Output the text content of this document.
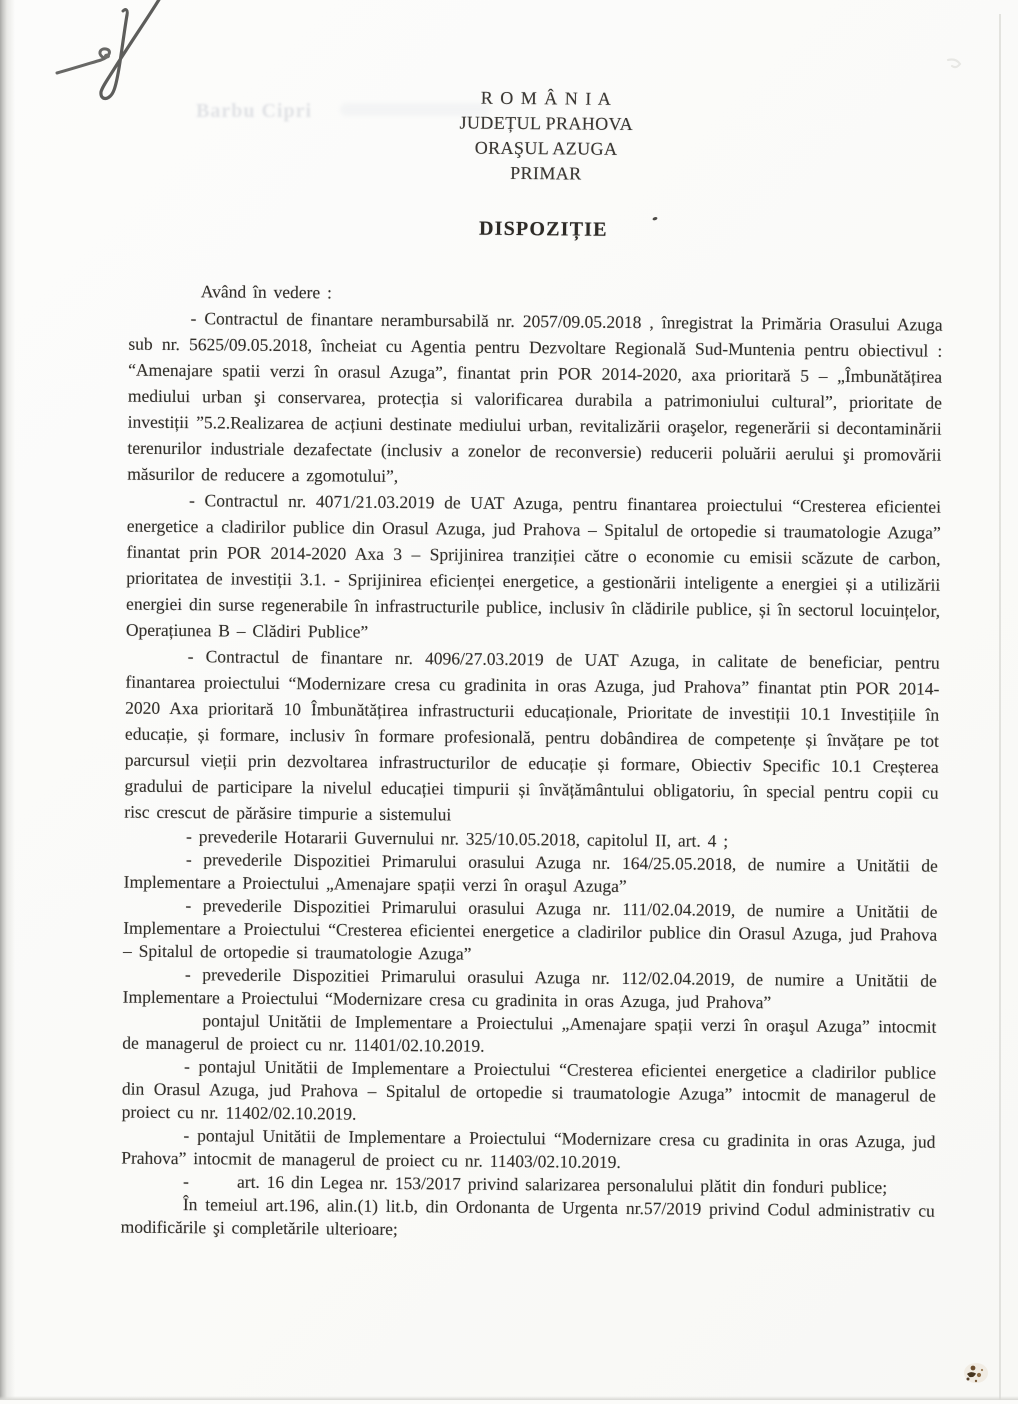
Barbu Cipri
R O M Â N I A
JUDEȚUL PRAHOVA
ORAŞUL AZUGA
PRIMAR
DISPOZIȚIE

Având în vedere :

- Contractul de finantare nerambursabilă nr. 2057/09.05.2018 , înregistrat la Primăria Orasului Azuga sub nr. 5625/09.05.2018, încheiat cu Agentia pentru Dezvoltare Regională Sud-Muntenia pentru obiectivul : “Amenajare spatii verzi în orasul Azuga”, finantat prin POR 2014-2020, axa prioritară 5 – „Îmbunătățirea mediului urban şi conservarea, protecția si valorificarea durabila a patrimoniului cultural”, prioritate de investiții ”5.2.Realizarea de acțiuni destinate mediului urban, revitalizării oraşelor, regenerării si decontaminării terenurilor industriale dezafectate (inclusiv a zonelor de reconversie) reducerii poluării aerului şi promovării măsurilor de reducere a zgomotului”,

- Contractul nr. 4071/21.03.2019 de UAT Azuga, pentru finantarea proiectului “Cresterea eficientei energetice a cladirilor publice din Orasul Azuga, jud Prahova – Spitalul de ortopedie si traumatologie Azuga” finantat prin POR 2014-2020 Axa 3 – Sprijinirea tranziției către o economie cu emisii scăzute de carbon, prioritatea de investiții 3.1. - Sprijinirea eficienței energetice, a gestionării inteligente a energiei și a utilizării energiei din surse regenerabile în infrastructurile publice, inclusiv în clădirile publice, și în sectorul locuințelor, Operațiunea B – Clădiri Publice”

- Contractul de finantare nr. 4096/27.03.2019 de UAT Azuga, in calitate de beneficiar, pentru finantarea proiectului “Modernizare cresa cu gradinita in oras Azuga, jud Prahova” finantat ptin POR 2014-2020 Axa prioritară 10 Îmbunătățirea infrastructurii educaționale, Prioritate de investiții 10.1 Investițiile în educație, și formare, inclusiv în formare profesională, pentru dobândirea de competențe și învățare pe tot parcursul vieții prin dezvoltarea infrastructurilor de educație și formare, Obiectiv Specific 10.1 Creșterea gradului de participare la nivelul educației timpurii și învățământului obligatoriu, în special pentru copii cu risc crescut de părăsire timpurie a sistemului

- prevederile Hotararii Guvernului nr. 325/10.05.2018, capitolul II, art. 4 ;

- prevederile Dispozitiei Primarului orasului Azuga nr. 164/25.05.2018, de numire a Unitătii de Implementare a Proiectului „Amenajare spații verzi în oraşul Azuga”

- prevederile Dispozitiei Primarului orasului Azuga nr. 111/02.04.2019, de numire a Unitătii de Implementare a Proiectului “Cresterea eficientei energetice a cladirilor publice din Orasul Azuga, jud Prahova – Spitalul de ortopedie si traumatologie Azuga”

- prevederile Dispozitiei Primarului orasului Azuga nr. 112/02.04.2019, de numire a Unitătii de Implementare a Proiectului “Modernizare cresa cu gradinita in oras Azuga, jud Prahova”

pontajul Unitătii de Implementare a Proiectului „Amenajare spații verzi în oraşul Azuga” intocmit de managerul de proiect cu nr. 11401/02.10.2019.

- pontajul Unitătii de Implementare a Proiectului “Cresterea eficientei energetice a cladirilor publice din Orasul Azuga, jud Prahova – Spitalul de ortopedie si traumatologie Azuga” intocmit de managerul de proiect cu nr. 11402/02.10.2019.

- pontajul Unitătii de Implementare a Proiectului “Modernizare cresa cu gradinita in oras Azuga, jud Prahova” intocmit de managerul de proiect cu nr. 11403/02.10.2019.

-       art. 16 din Legea nr. 153/2017 privind salarizarea personalului plătit din fonduri publice;

În temeiul art.196, alin.(1) lit.b, din Ordonanta de Urgenta nr.57/2019 privind Codul administrativ cu modificările şi completările ulterioare;
